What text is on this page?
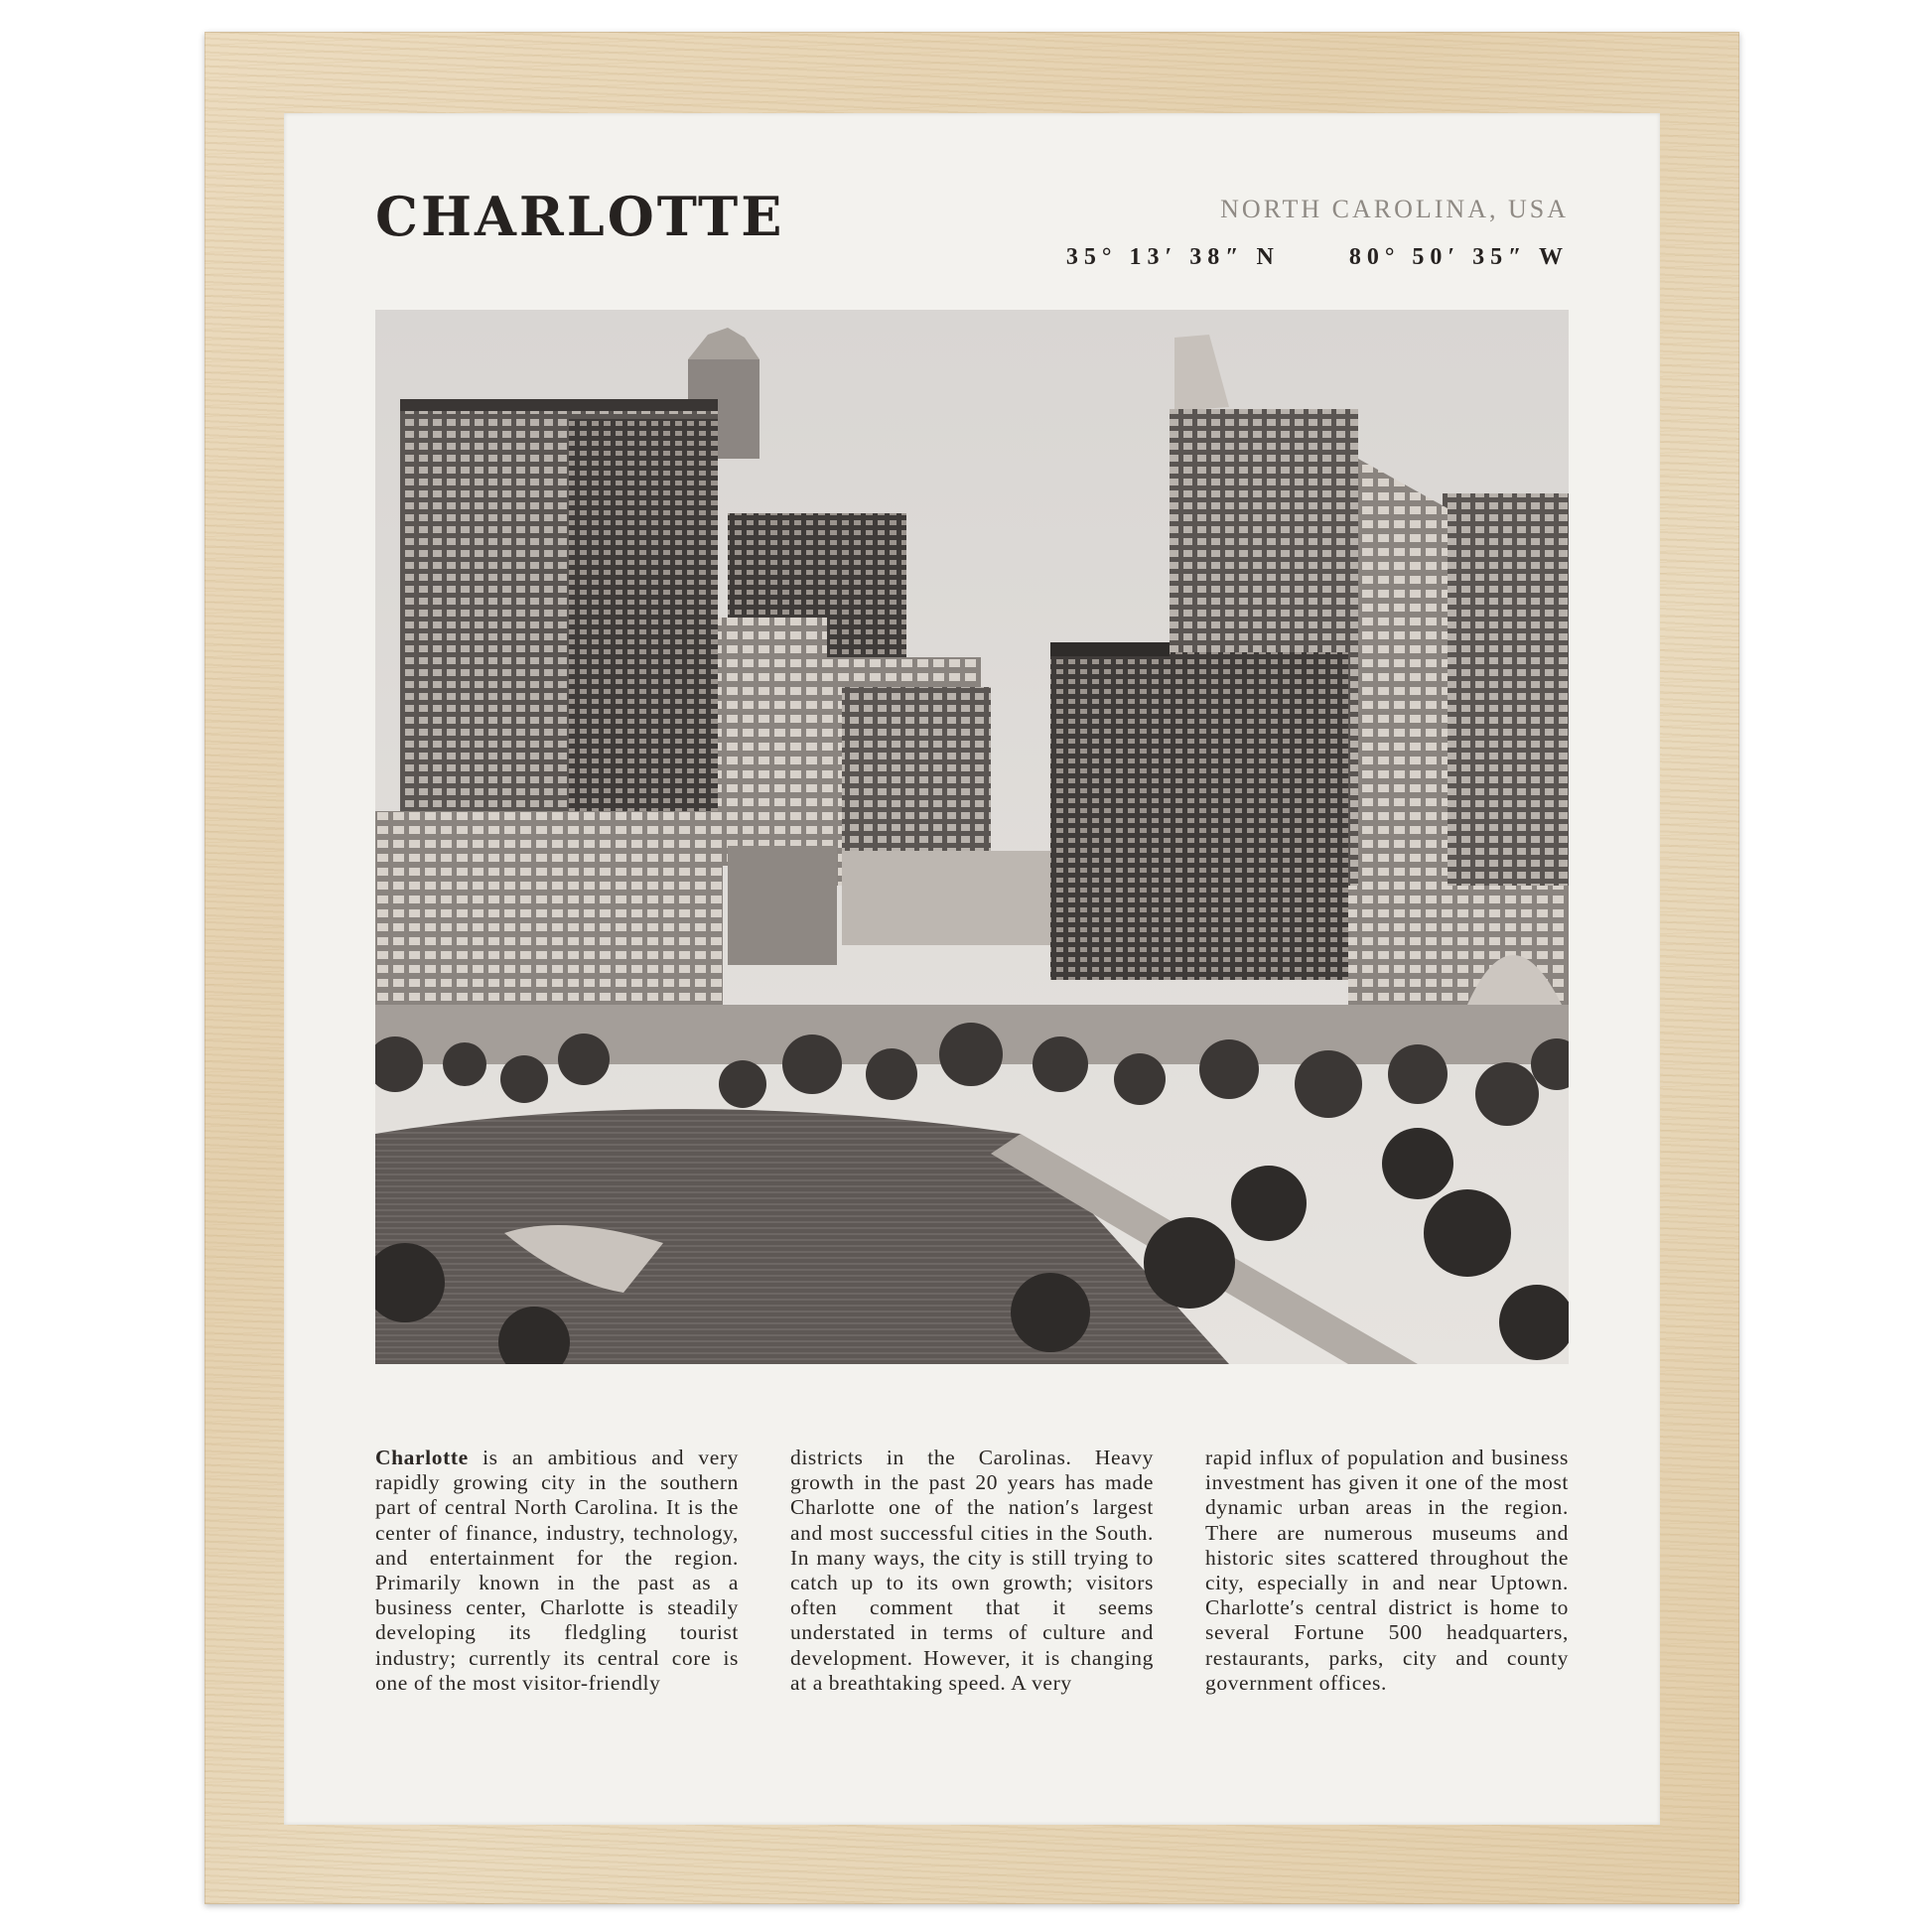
CHARLOTTE	NORTH CAROLINA, USA
35° 13′ 38″ N	80° 50′ 35″ W

Charlotte is an ambitious and very rapidly growing city in the southern part of central North Carolina. It is the center of finance, industry, technology, and entertainment for the region. Primarily known in the past as a business center, Charlotte is steadily developing its fledgling tourist industry; currently its central core is one of the most visitor-friendly

districts in the Carolinas. Heavy growth in the past 20 years has made Charlotte one of the nation′s largest and most successful cities in the South. In many ways, the city is still trying to catch up to its own growth; visitors often comment that it seems understated in terms of culture and development. However, it is changing at a breathtaking speed. A very

rapid influx of population and business investment has given it one of the most dynamic urban areas in the region. There are numerous museums and historic sites scattered throughout the city, especially in and near Uptown. Charlotte′s central district is home to several Fortune 500 headquarters, restaurants, parks, city and county government offices.
